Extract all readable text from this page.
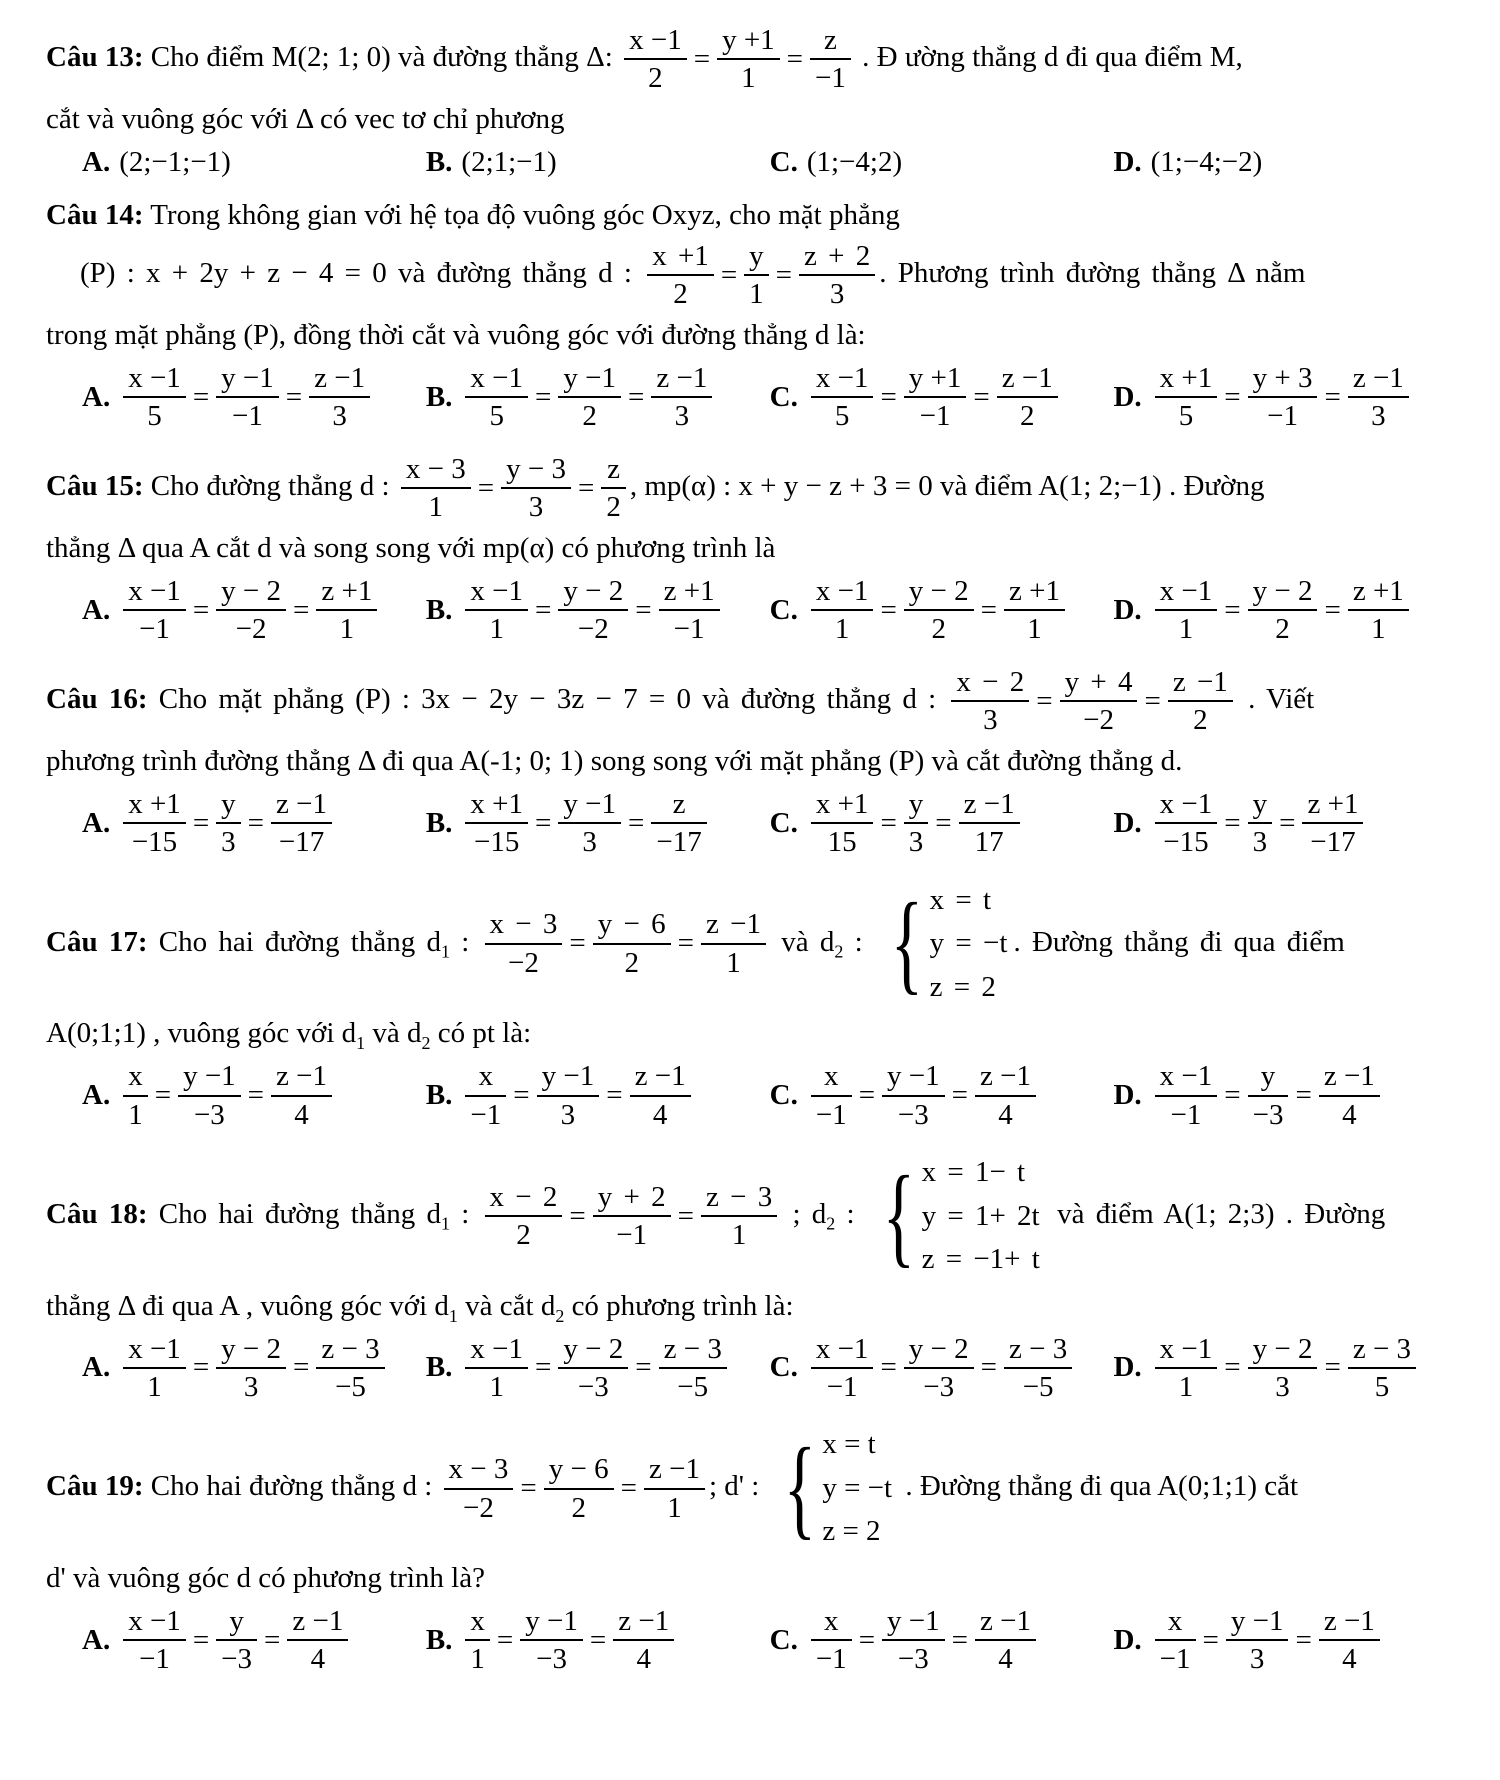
Câu 13: Cho điểm M(2; 1; 0) và đường thẳng Δ: $\frac{x -1}{2} = \frac{y +1}{1} = \frac{z}{-1}$ . Đ ường thẳng d đi qua điểm M,
cắt và vuông góc với Δ có vec tơ chỉ phương
A. (2;−1;−1)	B. (2;1;−1)	C. (1;−4;2)	D. (1;−4;−2)
Câu 14: Trong không gian với hệ tọa độ vuông góc Oxyz, cho mặt phẳng
(P) : x + 2y + z − 4 = 0 và đường thẳng d : $\frac{x +1}{2} = \frac{y}{1} = \frac{z + 2}{3}$ . Phương trình đường thẳng Δ nằm
trong mặt phẳng (P), đồng thời cắt và vuông góc với đường thẳng d là:
A. $\frac{x -1}{5} = \frac{y -1}{-1} = \frac{z -1}{3} B$. $\frac{x -1}{5} = \frac{y -1}{2} = \frac{z -1}{3} C$. $\frac{x -1}{5} = \frac{y +1}{-1} = \frac{z -1}{2} D$. $\frac{x +1}{5} = \frac{y + 3}{-1} = \frac{z -1}{3}$
Câu 15: Cho đường thẳng d : $\frac{x - 3}{1} = \frac{y - 3}{3} = \frac{z}{2}$ , mp(α) : x + y − z + 3 = 0 và điểm A(1; 2;−1) . Đường
thẳng Δ qua A cắt d và song song với mp(α) có phương trình là
A. $\frac{x -1}{-1} = \frac{y - 2}{-2} = \frac{z +1}{1} B$. $\frac{x -1}{1} = \frac{y - 2}{-2} = \frac{z +1}{-1} C$. $\frac{x -1}{1} = \frac{y - 2}{2} = \frac{z +1}{1} D$. $\frac{x -1}{1} = \frac{y - 2}{2} = \frac{z +1}{1}$
Câu 16: Cho mặt phẳng (P) : 3x − 2y − 3z − 7 = 0 và đường thẳng d : $\frac{x - 2}{3} = \frac{y + 4}{-2} = \frac{z -1}{2}$ . Viết
phương trình đường thẳng Δ đi qua A(-1; 0; 1) song song với mặt phẳng (P) và cắt đường thẳng d.
A. $\frac{x +1}{-15} = \frac{y}{3} = \frac{z -1}{-17}$	B. $\frac{x +1}{-15} = \frac{y -1}{3} = \frac{z}{-17} C$. $\frac{x +1}{15} = \frac{y}{3} = \frac{z -1}{17}$	D. $\frac{x -1}{-15} = \frac{y}{3} = \frac{z +1}{-17}$
Câu 17: Cho hai đường thẳng $d_1$ : $\frac{x - 3}{-2} = \frac{y - 6}{2} = \frac{z -1}{1}$ và $d_2$ : { x = t
y = −t
z = 2
. Đường thẳng đi qua điểm
A(0;1;1) , vuông góc với $d_1$ và $d_2$ có pt là:
A. $\frac{x}{1} = \frac{y -1}{-3} = \frac{z -1}{4}$	B. $\frac{x}{-1} = \frac{y -1}{3} = \frac{z -1}{4}$	C. $\frac{x}{-1} = \frac{y -1}{-3} = \frac{z -1}{4}$	D. $\frac{x -1}{-1} = \frac{y}{-3} = \frac{z -1}{4}$
Câu 18: Cho hai đường thẳng $d_1$ : $\frac{x - 2}{2} = \frac{y + 2}{-1} = \frac{z - 3}{1}$ ; $d_2$ : { x = 1− t
y = 1+ 2t
z = −1+ t
và điểm A(1; 2;3) . Đường
thẳng Δ đi qua A , vuông góc với $d_1$ và cắt $d_2$ có phương trình là:
A. $\frac{x -1}{1} = \frac{y - 2}{3} = \frac{z - 3}{-5} B$. $\frac{x -1}{1} = \frac{y - 2}{-3} = \frac{z - 3}{-5} C$. $\frac{x -1}{-1} = \frac{y - 2}{-3} = \frac{z - 3}{-5} D$. $\frac{x -1}{1} = \frac{y - 2}{3} = \frac{z - 3}{5}$
Câu 19: Cho hai đường thẳng d : $\frac{x - 3}{-2} = \frac{y - 6}{2} = \frac{z -1}{1}$ ; d' : { x = t
y = −t
z = 2
. Đường thẳng đi qua A(0;1;1) cắt
d' và vuông góc d có phương trình là?
A. $\frac{x -1}{-1} = \frac{y}{-3} = \frac{z -1}{4}$	B. $\frac{x}{1} = \frac{y -1}{-3} = \frac{z -1}{4}$	C. $\frac{x}{-1} = \frac{y -1}{-3} = \frac{z -1}{4}$	D. $\frac{x}{-1} = \frac{y -1}{3} = \frac{z -1}{4}$
